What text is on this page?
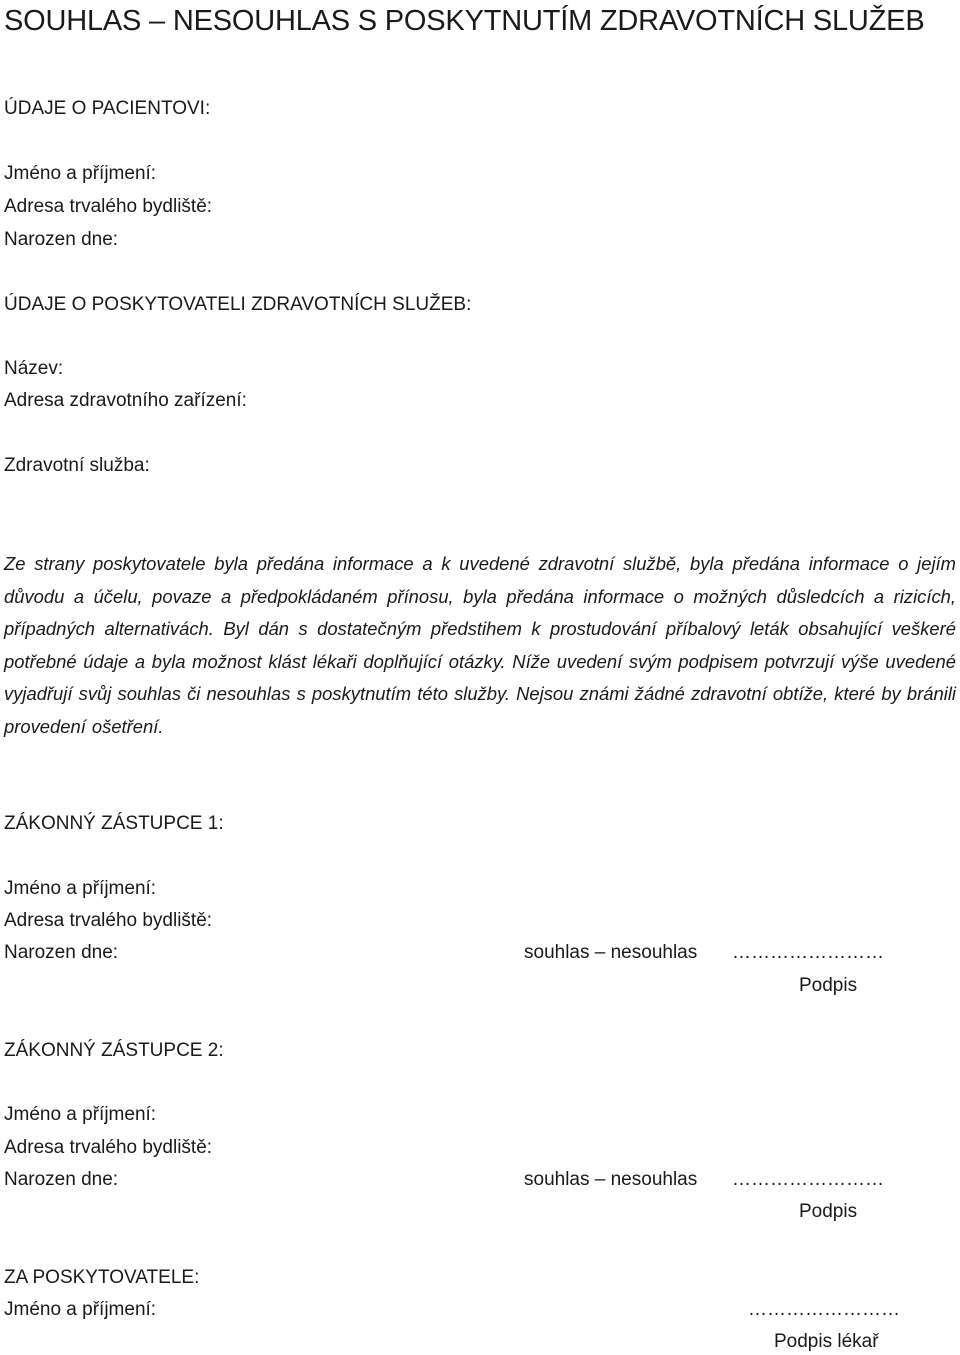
SOUHLAS – NESOUHLAS S POSKYTNUTÍM ZDRAVOTNÍCH SLUŽEB
ÚDAJE O PACIENTOVI:
Jméno a příjmení:
Adresa trvalého bydliště:
Narozen dne:
ÚDAJE O POSKYTOVATELI ZDRAVOTNÍCH SLUŽEB:
Název:
Adresa zdravotního zařízení:
Zdravotní služba:
Ze strany poskytovatele byla předána informace a k uvedené zdravotní službě, byla předána informace o jejím důvodu a účelu, povaze a předpokládaném přínosu, byla předána informace o možných důsledcích a rizicích, případných alternativách. Byl dán s dostatečným předstihem k prostudování příbalový leták obsahující veškeré potřebné údaje a byla možnost klást lékaři doplňující otázky. Níže uvedení svým podpisem potvrzují výše uvedené vyjadřují svůj souhlas či nesouhlas s poskytnutím této služby. Nejsou známi žádné zdravotní obtíže, které by bránili provedení ošetření.
ZÁKONNÝ ZÁSTUPCE 1:
Jméno a příjmení:
Adresa trvalého bydliště:
Narozen dne:	souhlas – nesouhlas ……………………
Podpis
ZÁKONNÝ ZÁSTUPCE 2:
Jméno a příjmení:
Adresa trvalého bydliště:
Narozen dne:	souhlas – nesouhlas ……………………
Podpis
ZA POSKYTOVATELE:
Jméno a příjmení:	……………………
Podpis lékař
